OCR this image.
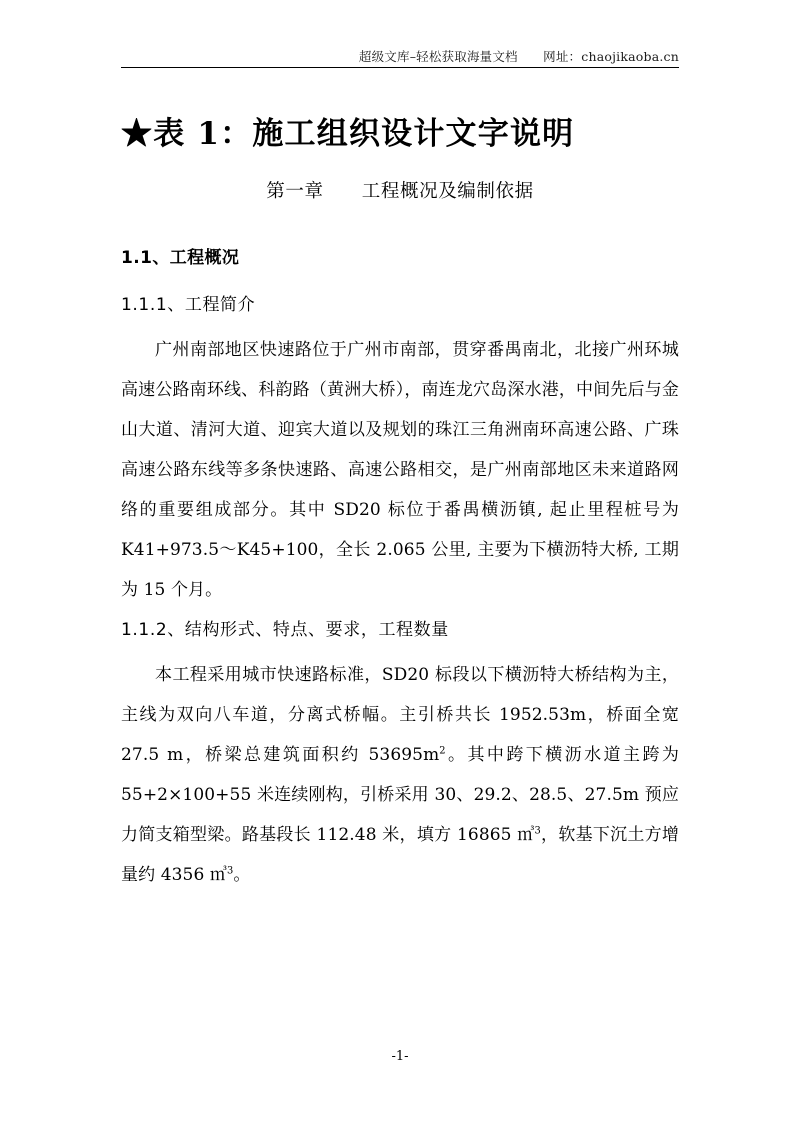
超级文库–轻松获取海量文档　　网址：chaojikaoba.cn
★表 1：施工组织设计文字说明
第一章　　工程概况及编制依据
1.1、工程概况
1.1.1、工程简介

广州南部地区快速路位于广州市南部，贯穿番禺南北，北接广州环城高速公路南环线、科韵路（黄洲大桥），南连龙穴岛深水港，中间先后与金山大道、清河大道、迎宾大道以及规划的珠江三角洲南环高速公路、广珠高速公路东线等多条快速路、高速公路相交，是广州南部地区未来道路网络的重要组成部分。其中 SD20 标位于番禺横沥镇, 起止里程桩号为 K41+973.5～K45+100，全长 2.065 公里, 主要为下横沥特大桥, 工期为 15 个月。

1.1.2、结构形式、特点、要求，工程数量

本工程采用城市快速路标准，SD20 标段以下横沥特大桥结构为主，主线为双向八车道，分离式桥幅。主引桥共长 1952.53m，桥面全宽 27.5 m，桥梁总建筑面积约 $53695m^2$。其中跨下横沥水道主跨为 55+2×100+55 米连续刚构，引桥采用 30、29.2、28.5、27.5m 预应力简支箱型梁。路基段长 112.48 米，填方 16865 ㎥$^3$，软基下沉土方增量约 4356 ㎥$^3$。

-1-
